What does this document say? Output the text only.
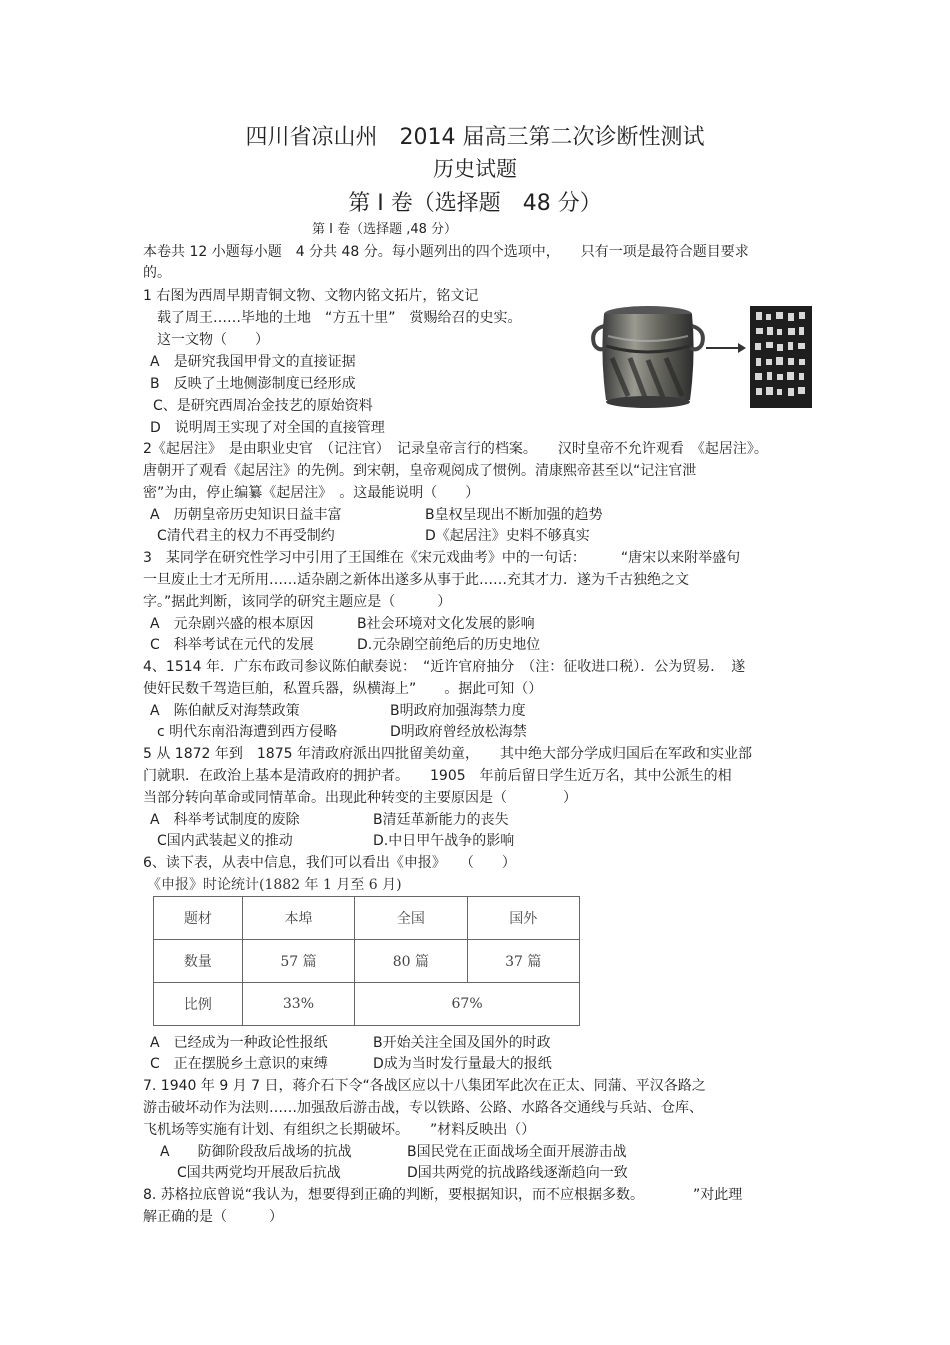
四川省凉山州　2014 届高三第二次诊断性测试
历史试题
第 Ⅰ 卷（选择题　48 分）
第 Ⅰ 卷（选择题 ,48 分）
本卷共 12 小题每小题　4 分共 48 分。每小题列出的四个选项中，　　只有一项是最符合题目要求
的。
1 右图为西周早期青铜文物、文物内铭文拓片，铭文记
　载了周王……毕地的土地　“方五十里”　赏赐给召的史实。
　这一文物（　　）
A　是研究我国甲骨文的直接证据
B　反映了土地侧澎制度已经形成
C、是研究西周冶金技艺的原始资料
D　说明周王实现了对全国的直接管理
2《起居注》　是由职业史官　（记注官）　记录皇帝言行的档案。　　汉时皇帝不允许观看　《起居注》。
唐朝开了观看《起居注》的先例。到宋朝，皇帝观阅成了惯例。清康熙帝甚至以“记注官泄
密”为由，停止编纂《起居注》　。这最能说明（　　）
A　历朝皇帝历史知识日益丰富	B皇权呈现出不断加强的趋势
C清代君主的权力不再受制约	D《起居注》史料不够真实
3　某同学在研究性学习中引用了王国维在《宋元戏曲考》中的一句话：　　　“唐宋以来附举盛句
一旦废止士才无所用……适杂剧之新体出遂多从事于此……充其才力．遂为千古独绝之文
字。”据此判断，该同学的研究主题应是（　　　）
A　元杂剧兴盛的根本原因	B社会环境对文化发展的影响
C　科举考试在元代的发展	D.元杂剧空前绝后的历史地位
4、1514 年．广东布政司参议陈伯献奏说：　“近许官府抽分　（注：征收进口税）．公为贸易．　遂
使奸民数千驾造巨舶，私置兵器，纵横海上”　　。据此可知（）
A　陈伯献反对海禁政策	B明政府加强海禁力度
c 明代东南沿海遭到西方侵略	D明政府曾经放松海禁
5 从 1872 年到　1875 年清政府派出四批留美幼童，　　其中绝大部分学成归国后在军政和实业部
门就职．在政治上基本是清政府的拥护者。　　1905　年前后留日学生近万名，其中公派生的相
当部分转向革命或同情革命。出现此种转变的主要原因是（　　　　）
A　科举考试制度的废除	B清廷革新能力的丧失
C国内武装起义的推动	D.中日甲午战争的影响
6、读下表，从表中信息，我们可以看出《申报》　　（　　）
《申报》时论统计(1882 年 1 月至 6 月)
题材	本埠	全国	国外
数量	57 篇	80 篇	37 篇
比例	33%	67%	
A　已经成为一种政论性报纸	B开始关注全国及国外的时政
C　正在摆脱乡土意识的束缚	D成为当时发行量最大的报纸
7. 1940 年 9 月 7 日，蒋介石下令“各战区应以十八集团军此次在正太、同蒲、平汉各路之
游击破坏动作为法则……加强敌后游击战，专以铁路、公路、水路各交通线与兵站、仓库、
飞机场等实施有计划、有组织之长期破坏。　　”材料反映出（）
A　　防御阶段敌后战场的抗战	B国民党在正面战场全面开展游击战
C国共两党均开展敌后抗战	D国共两党的抗战路线逐渐趋向一致
8. 苏格拉底曾说“我认为，想要得到正确的判断，要根据知识，而不应根据多数。　　　　”对此理
解正确的是（　　　）
